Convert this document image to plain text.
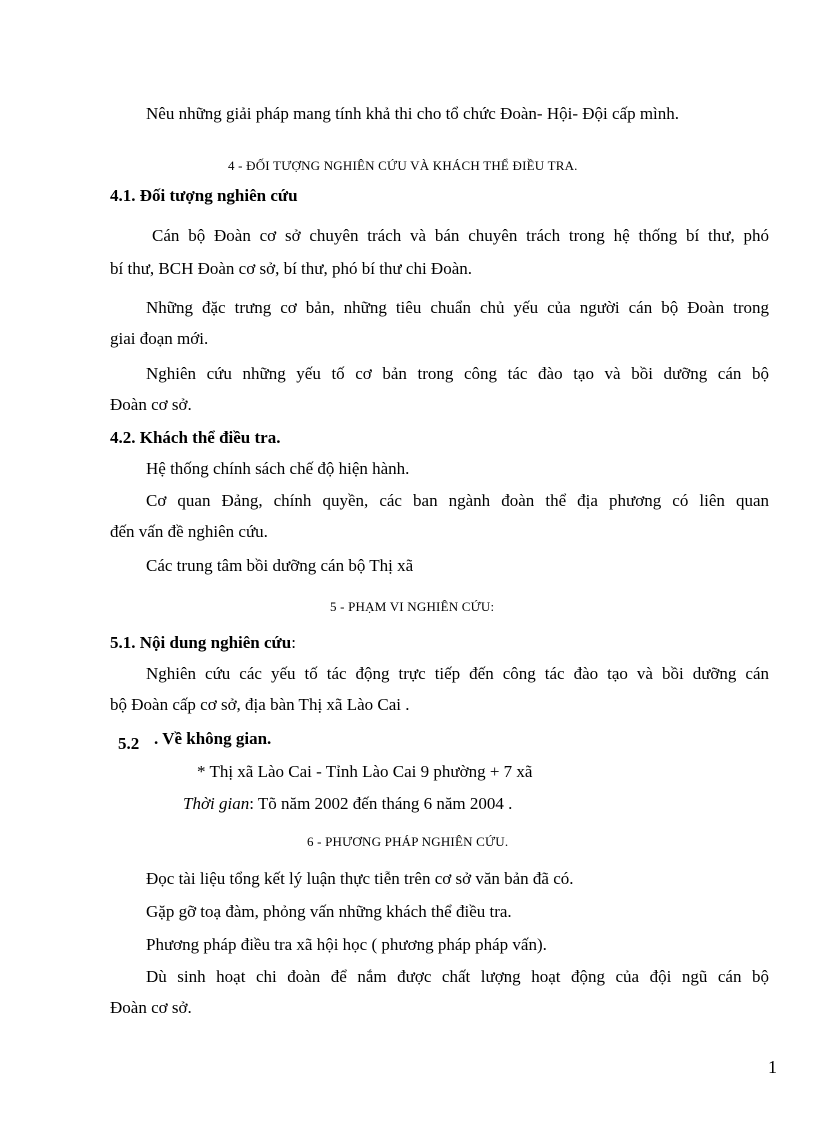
Nêu những giải pháp mang tính khả thi cho tổ chức Đoàn- Hội- Đội cấp mình.
4 - ĐỐI TƯỢNG NGHIÊN CỨU VÀ KHÁCH THỂ ĐIỀU TRA.
4.1. Đối tượng nghiên cứu
Cán bộ Đoàn cơ sở chuyên trách và bán chuyên trách trong hệ thống bí thư, phó
bí thư, BCH Đoàn cơ sở, bí thư, phó bí thư chi Đoàn.
Những đặc trưng cơ bản, những tiêu chuẩn chủ yếu của người cán bộ Đoàn trong
giai đoạn mới.
Nghiên cứu những yếu tố cơ bản trong công tác đào tạo và bồi dưỡng cán bộ
Đoàn cơ sở.
4.2. Khách thể điều tra.
Hệ thống chính sách chế độ hiện hành.
Cơ quan Đảng, chính quyền, các ban ngành đoàn thể địa phương có liên quan
đến vấn đề nghiên cứu.
Các trung tâm bồi dưỡng cán bộ Thị xã
5 - PHẠM VI NGHIÊN CỨU:
5.1. Nội dung nghiên cứu:
Nghiên cứu các yếu tố tác động trực tiếp đến công tác đào tạo và bồi dưỡng cán
bộ Đoàn cấp cơ sở, địa bàn Thị xã Lào Cai .
5.2 . Về không gian.
* Thị xã Lào Cai - Tỉnh Lào Cai 9 phường + 7 xã
Thời gian: Tõ năm 2002 đến tháng 6 năm 2004 .
6 - PHƯƠNG PHÁP NGHIÊN CỨU.
Đọc tài liệu tổng kết lý luận thực tiễn trên cơ sở văn bản đã có.
Gặp gỡ toạ đàm, phỏng vấn những khách thể điều tra.
Phương pháp điều tra xã hội học ( phương pháp pháp vấn).
Dù sinh hoạt chi đoàn để nắm được chất lượng hoạt động của đội ngũ cán bộ
Đoàn cơ sở.
1
